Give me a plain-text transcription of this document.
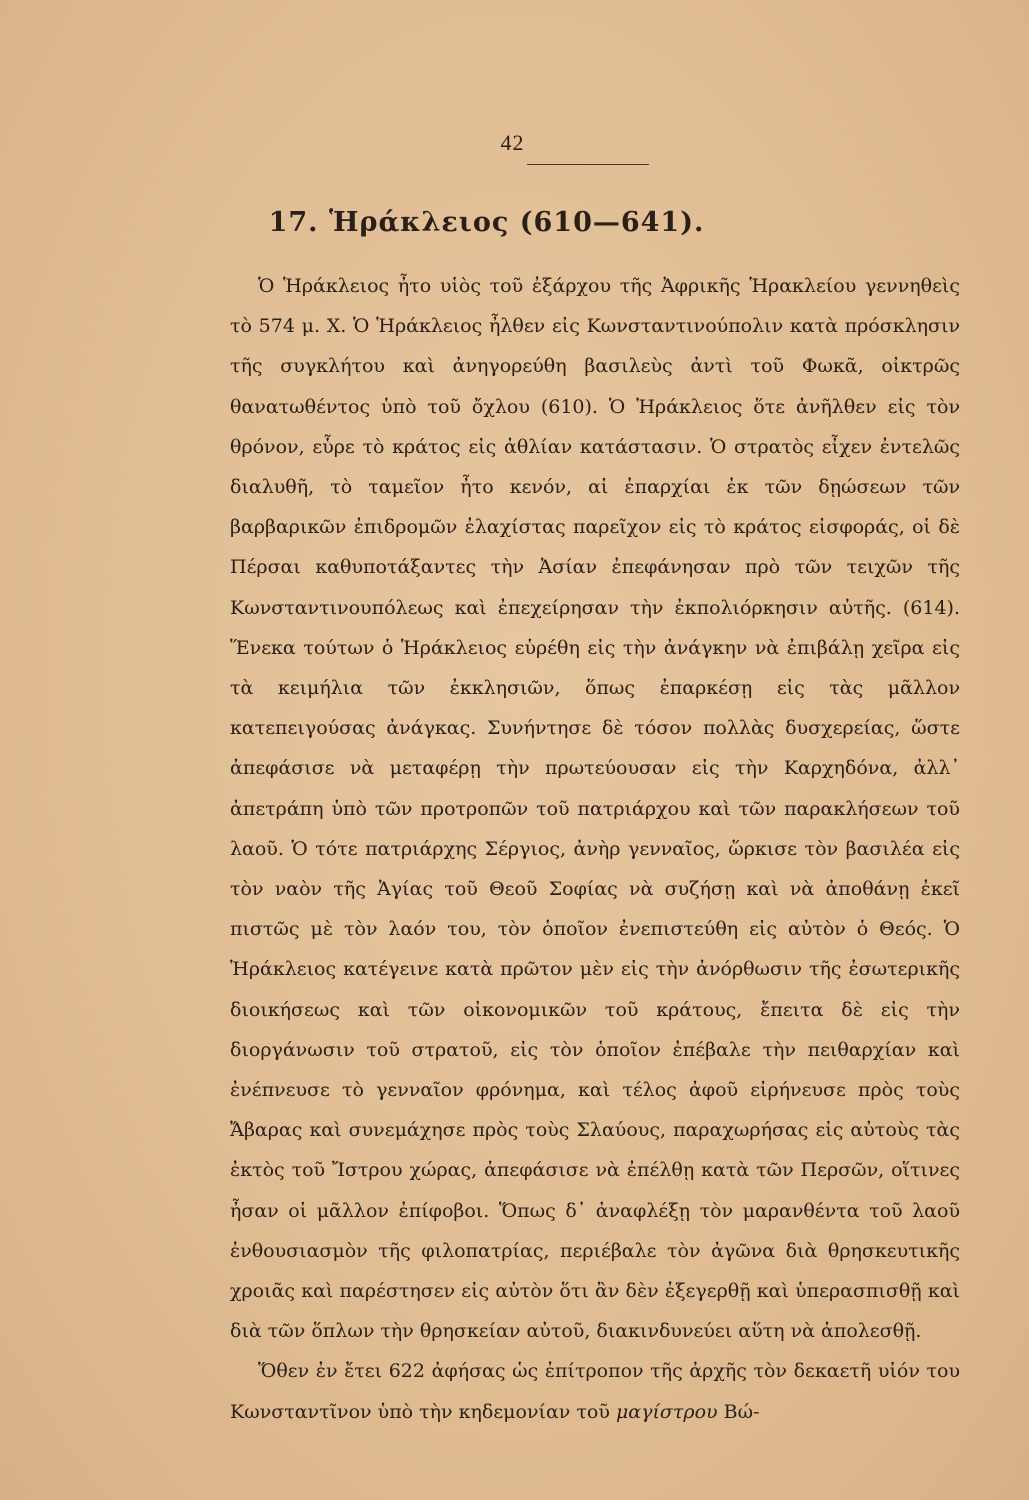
42
17. Ἡράκλειος (610—641).

Ὁ Ἡράκλειος ἦτο υἱὸς τοῦ ἐξάρχου τῆς Ἀφρικῆς Ἡρακλείου γεννηθεὶς τὸ 574 μ. Χ. Ὁ Ἡράκλειος ἦλθεν εἰς Κωνσταντινούπολιν κατὰ πρόσκλησιν τῆς συγκλήτου καὶ ἀνηγορεύθη βασιλεὺς ἀντὶ τοῦ Φωκᾶ, οἰκτρῶς θανατωθέντος ὑπὸ τοῦ ὄχλου (610). Ὁ Ἡράκλειος ὅτε ἀνῆλθεν εἰς τὸν θρόνον, εὗρε τὸ κράτος εἰς ἀθλίαν κατάστασιν. Ὁ στρατὸς εἶχεν ἐντελῶς διαλυθῆ, τὸ ταμεῖον ἦτο κενόν, αἱ ἐπαρχίαι ἐκ τῶν δῃώσεων τῶν βαρβαρικῶν ἐπιδρομῶν ἐλαχίστας παρεῖχον εἰς τὸ κράτος εἰσφοράς, οἱ δὲ Πέρσαι καθυποτάξαντες τὴν Ἀσίαν ἐπεφάνησαν πρὸ τῶν τειχῶν τῆς Κωνσταντινουπόλεως καὶ ἐπεχείρησαν τὴν ἐκπολιόρκησιν αὐτῆς. (614). Ἕνεκα τούτων ὁ Ἡράκλειος εὑρέθη εἰς τὴν ἀνάγκην νὰ ἐπιβάλῃ χεῖρα εἰς τὰ κειμήλια τῶν ἐκκλησιῶν, ὅπως ἐπαρκέσῃ εἰς τὰς μᾶλλον κατεπειγούσας ἀνάγκας. Συνήντησε δὲ τόσον πολλὰς δυσχερείας, ὥστε ἀπεφάσισε νὰ μεταφέρῃ τὴν πρωτεύουσαν εἰς τὴν Καρχηδόνα, ἀλλ᾽ ἀπετράπη ὑπὸ τῶν προτροπῶν τοῦ πατριάρχου καὶ τῶν παρακλήσεων τοῦ λαοῦ. Ὁ τότε πατριάρχης Σέργιος, ἀνὴρ γενναῖος, ὥρκισε τὸν βασιλέα εἰς τὸν ναὸν τῆς Ἁγίας τοῦ Θεοῦ Σοφίας νὰ συζήσῃ καὶ νὰ ἀποθάνῃ ἐκεῖ πιστῶς μὲ τὸν λαόν του, τὸν ὁποῖον ἐνεπιστεύθη εἰς αὐτὸν ὁ Θεός. Ὁ Ἡράκλειος κατέγεινε κατὰ πρῶτον μὲν εἰς τὴν ἀνόρθωσιν τῆς ἐσωτερικῆς διοικήσεως καὶ τῶν οἰκονομικῶν τοῦ κράτους, ἔπειτα δὲ εἰς τὴν διοργάνωσιν τοῦ στρατοῦ, εἰς τὸν ὁποῖον ἐπέβαλε τὴν πειθαρχίαν καὶ ἐνέπνευσε τὸ γενναῖον φρόνημα, καὶ τέλος ἀφοῦ εἰρήνευσε πρὸς τοὺς Ἄβαρας καὶ συνεμάχησε πρὸς τοὺς Σλαύους, παραχωρήσας εἰς αὐτοὺς τὰς ἐκτὸς τοῦ Ἴστρου χώρας, ἀπεφάσισε νὰ ἐπέλθῃ κατὰ τῶν Περσῶν, οἵτινες ἦσαν οἱ μᾶλλον ἐπίφοβοι. Ὅπως δ᾽ ἀναφλέξῃ τὸν μαρανθέντα τοῦ λαοῦ ἐνθουσιασμὸν τῆς φιλοπατρίας, περιέβαλε τὸν ἀγῶνα διὰ θρησκευτικῆς χροιᾶς καὶ παρέστησεν εἰς αὐτὸν ὅτι ἂν δὲν ἐξεγερθῇ καὶ ὑπερασπισθῇ καὶ διὰ τῶν ὅπλων τὴν θρησκείαν αὐτοῦ, διακινδυνεύει αὕτη νὰ ἀπολεσθῇ.

Ὅθεν ἐν ἔτει 622 ἀφήσας ὡς ἐπίτροπον τῆς ἀρχῆς τὸν δεκαετῆ υἱόν του Κωνσταντῖνον ὑπὸ τὴν κηδεμονίαν τοῦ μαγίστρου Βώ-
